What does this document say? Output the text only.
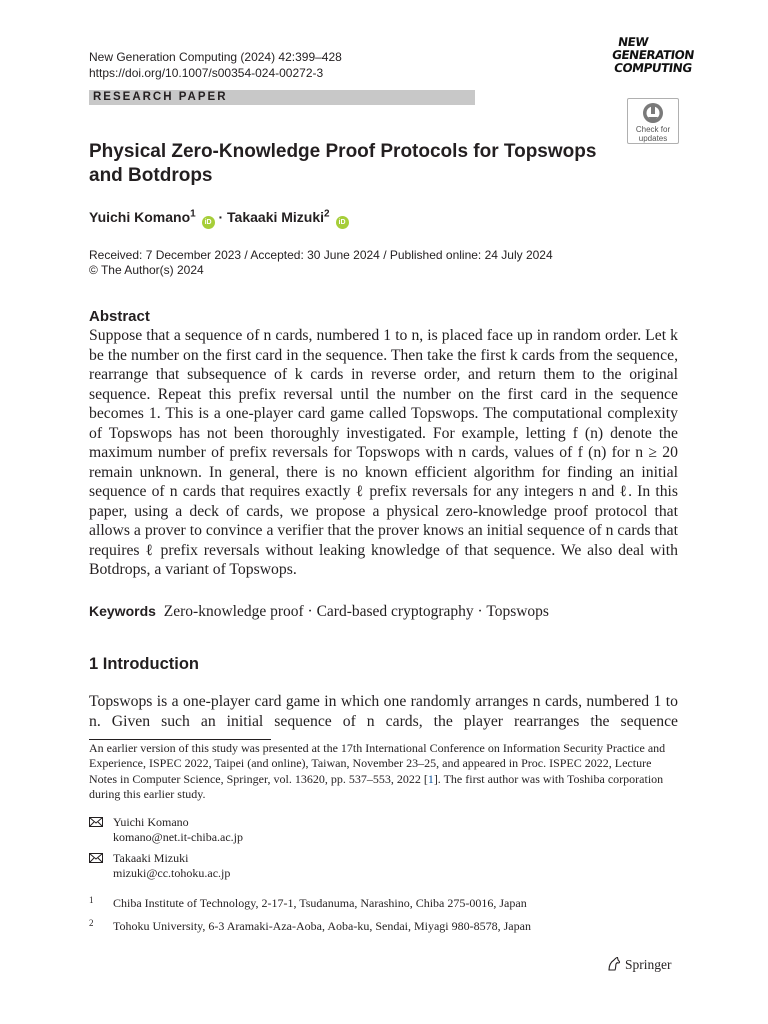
New Generation Computing (2024) 42:399–428
https://doi.org/10.1007/s00354-024-00272-3
NEW
GENERATION
COMPUTING
RESEARCH PAPER
Check for updates
Physical Zero-Knowledge Proof Protocols for Topswops and Botdrops
Yuichi Komano$^1$ iD · Takaaki Mizuki$^2$ iD
Received: 7 December 2023 / Accepted: 30 June 2024 / Published online: 24 July 2024
© The Author(s) 2024
Abstract

Suppose that a sequence of n cards, numbered 1 to n, is placed face up in random order. Let k be the number on the first card in the sequence. Then take the first k cards from the sequence, rearrange that subsequence of k cards in reverse order, and return them to the original sequence. Repeat this prefix reversal until the number on the first card in the sequence becomes 1. This is a one-player card game called Topswops. The computational complexity of Topswops has not been thoroughly investigated. For example, letting f (n) denote the maximum number of prefix reversals for Topswops with n cards, values of f (n) for n ≥ 20 remain unknown. In general, there is no known efficient algorithm for finding an initial sequence of n cards that requires exactly ℓ prefix reversals for any integers n and ℓ. In this paper, using a deck of cards, we propose a physical zero-knowledge proof protocol that allows a prover to convince a verifier that the prover knows an initial sequence of n cards that requires ℓ prefix reversals without leaking knowledge of that sequence. We also deal with Botdrops, a variant of Topswops.

Keywords Zero-knowledge proof · Card-based cryptography · Topswops
1 Introduction

Topswops is a one-player card game in which one randomly arranges n cards, numbered 1 to n. Given such an initial sequence of n cards, the player rearranges the sequence

An earlier version of this study was presented at the 17th International Conference on Information Security Practice and Experience, ISPEC 2022, Taipei (and online), Taiwan, November 23–25, and appeared in Proc. ISPEC 2022, Lecture Notes in Computer Science, Springer, vol. 13620, pp. 537–553, 2022 [1]. The first author was with Toshiba corporation during this earlier study.

Yuichi Komano
komano@net.it-chiba.ac.jp
Takaaki Mizuki
mizuki@cc.tohoku.ac.jp
1 Chiba Institute of Technology, 2-17-1, Tsudanuma, Narashino, Chiba 275-0016, Japan
2 Tohoku University, 6-3 Aramaki-Aza-Aoba, Aoba-ku, Sendai, Miyagi 980-8578, Japan
Springer
